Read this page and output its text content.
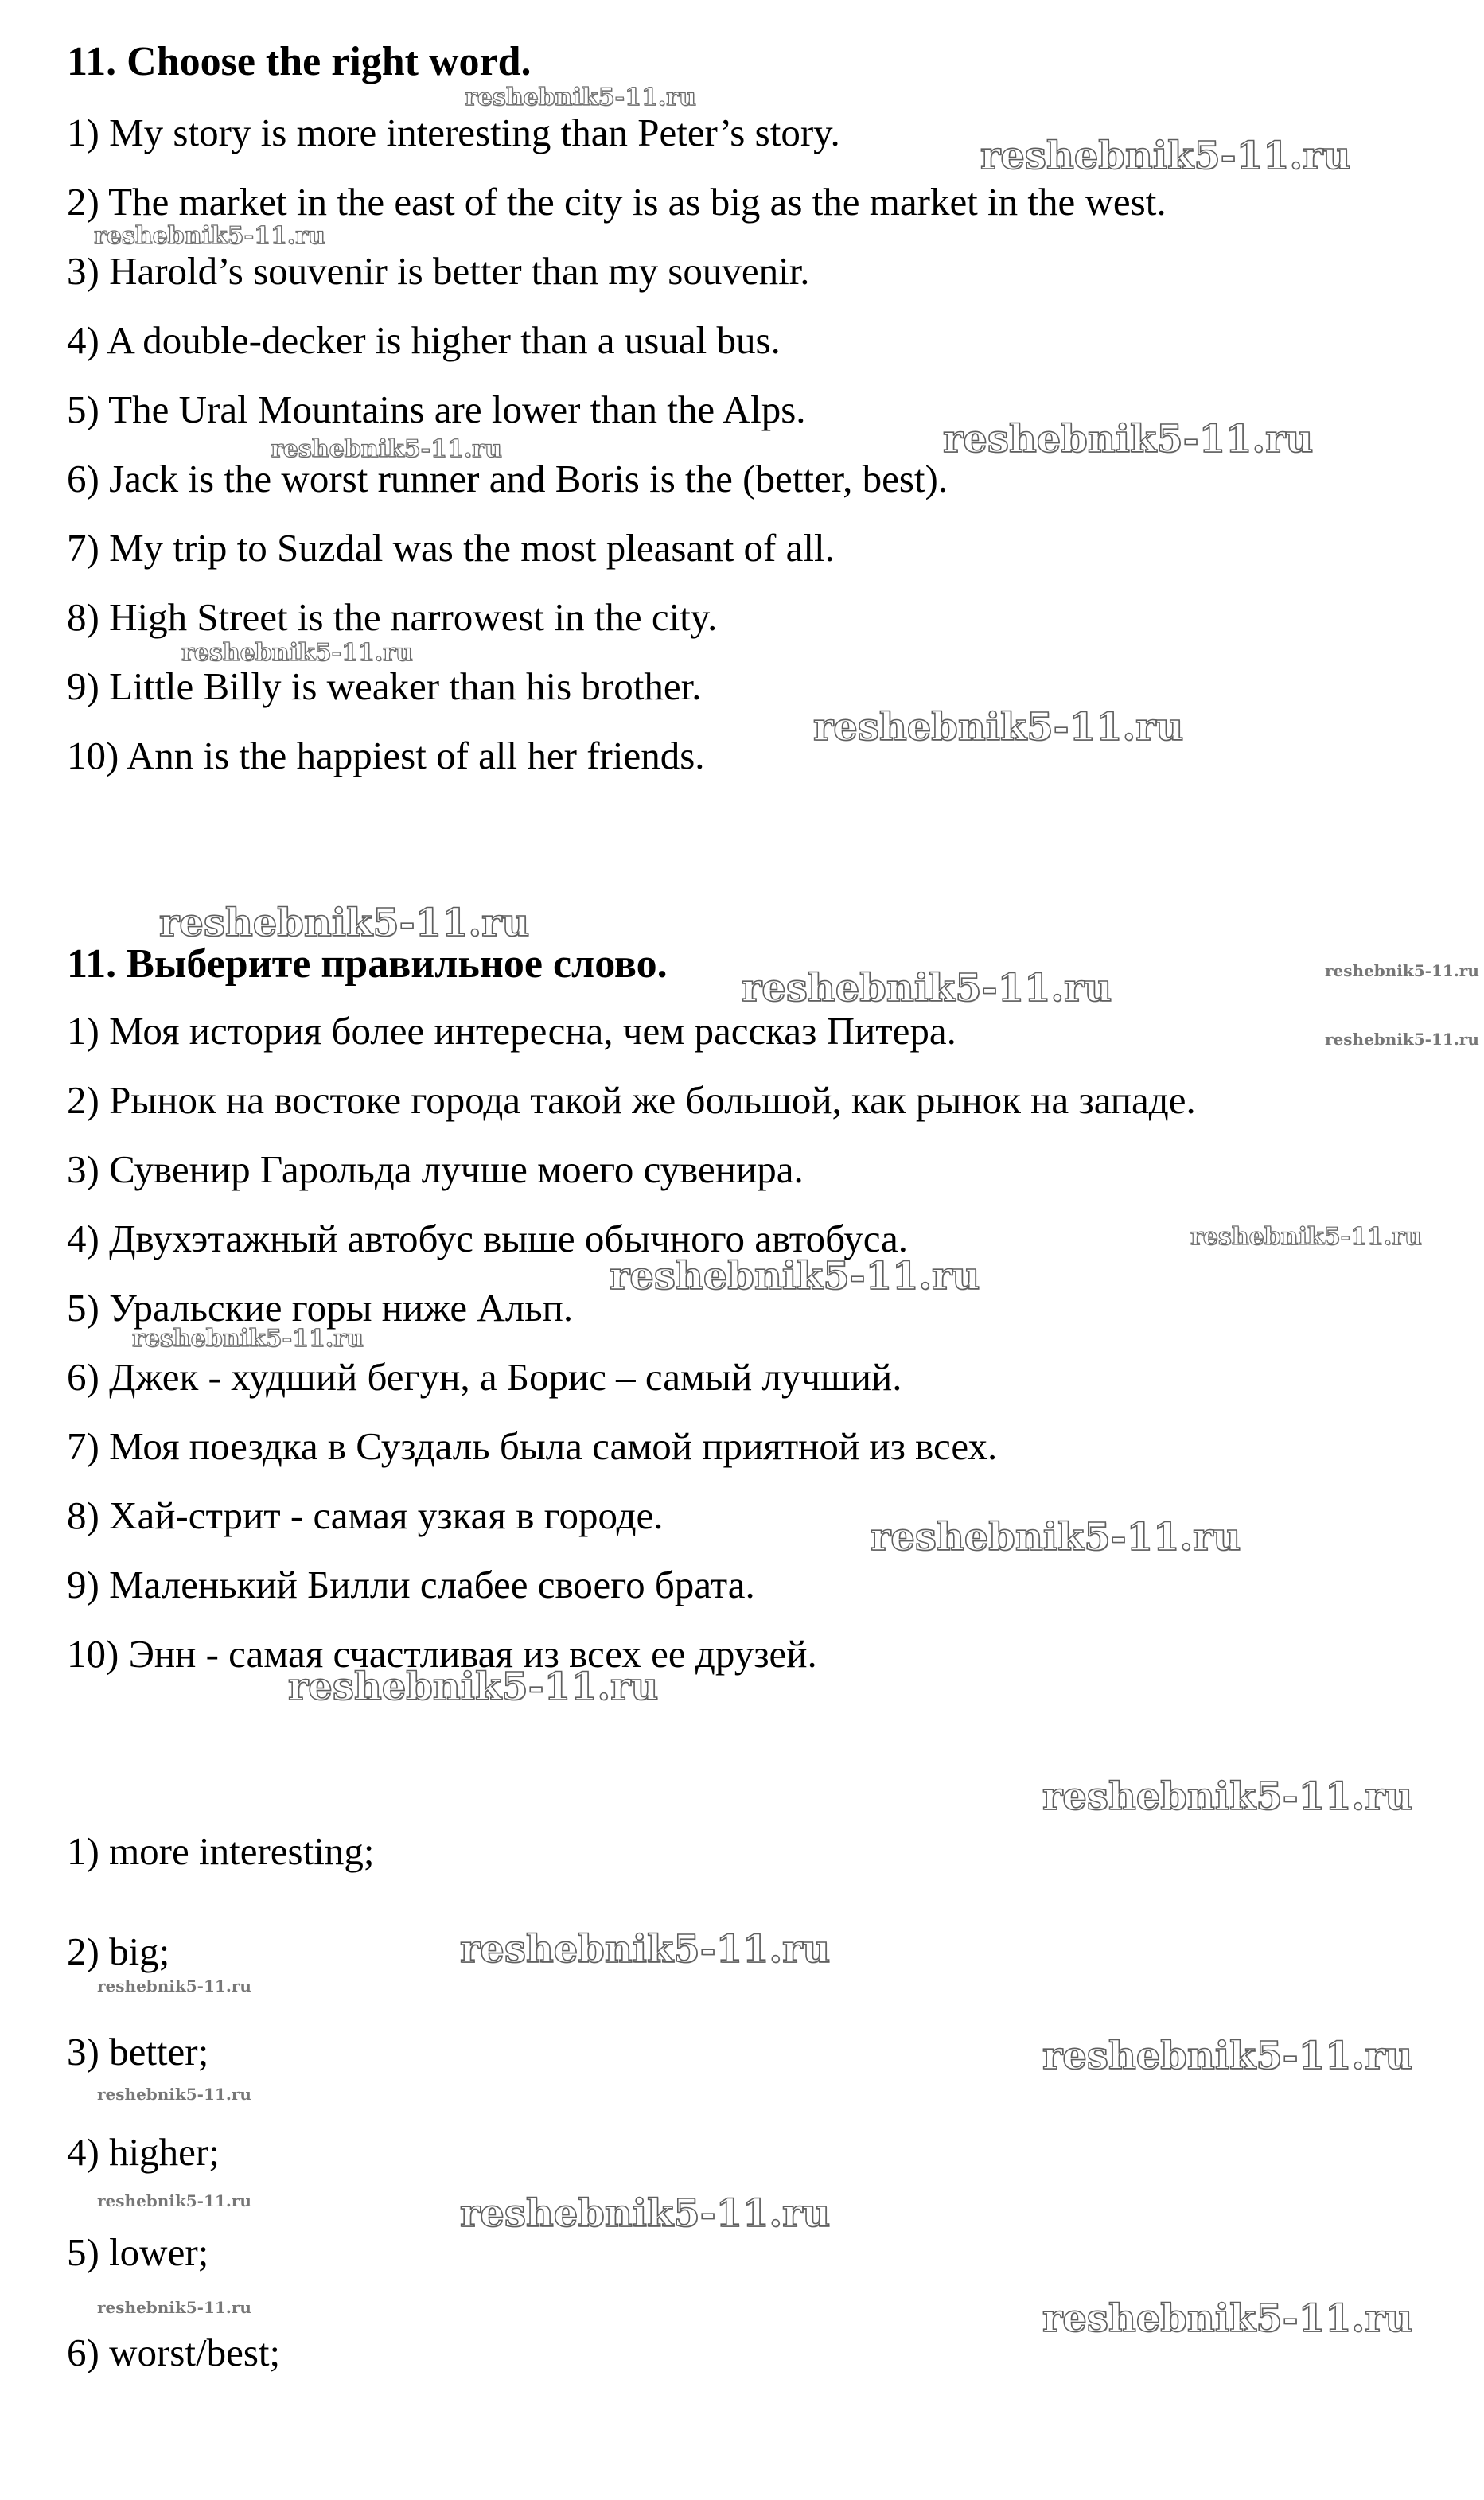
11. Choose the right word.
1) My story is more interesting than Peter’s story.
2) The market in the east of the city is as big as the market in the west.
3) Harold’s souvenir is better than my souvenir.
4) A double-decker is higher than a usual bus.
5) The Ural Mountains are lower than the Alps.
6) Jack is the worst runner and Boris is the (better, best).
7) My trip to Suzdal was the most pleasant of all.
8) High Street is the narrowest in the city.
9) Little Billy is weaker than his brother.
10) Ann is the happiest of all her friends.
11. Выберите правильное слово.
1) Моя история более интересна, чем рассказ Питера.
2) Рынок на востоке города такой же большой, как рынок на западе.
3) Сувенир Гарольда лучше моего сувенира.
4) Двухэтажный автобус выше обычного автобуса.
5) Уральские горы ниже Альп.
6) Джек - худший бегун, а Борис – самый лучший.
7) Моя поездка в Суздаль была самой приятной из всех.
8) Хай-стрит - самая узкая в городе.
9) Маленький Билли слабее своего брата.
10) Энн - самая счастливая из всех ее друзей.
1) more interesting;
2) big;
3) better;
4) higher;
5) lower;
6) worst/best;
reshebnik5-11.ru
reshebnik5-11.ru
reshebnik5-11.ru
reshebnik5-11.ru
reshebnik5-11.ru
reshebnik5-11.ru
reshebnik5-11.ru
reshebnik5-11.ru
reshebnik5-11.ru	reshebnik5-11.ru
reshebnik5-11.ru
reshebnik5-11.ru
reshebnik5-11.ru
reshebnik5-11.ru
reshebnik5-11.ru
reshebnik5-11.ru
reshebnik5-11.ru
reshebnik5-11.ru
reshebnik5-11.ru
reshebnik5-11.ru
reshebnik5-11.ru
reshebnik5-11.ru	reshebnik5-11.ru
reshebnik5-11.ru	reshebnik5-11.ru
